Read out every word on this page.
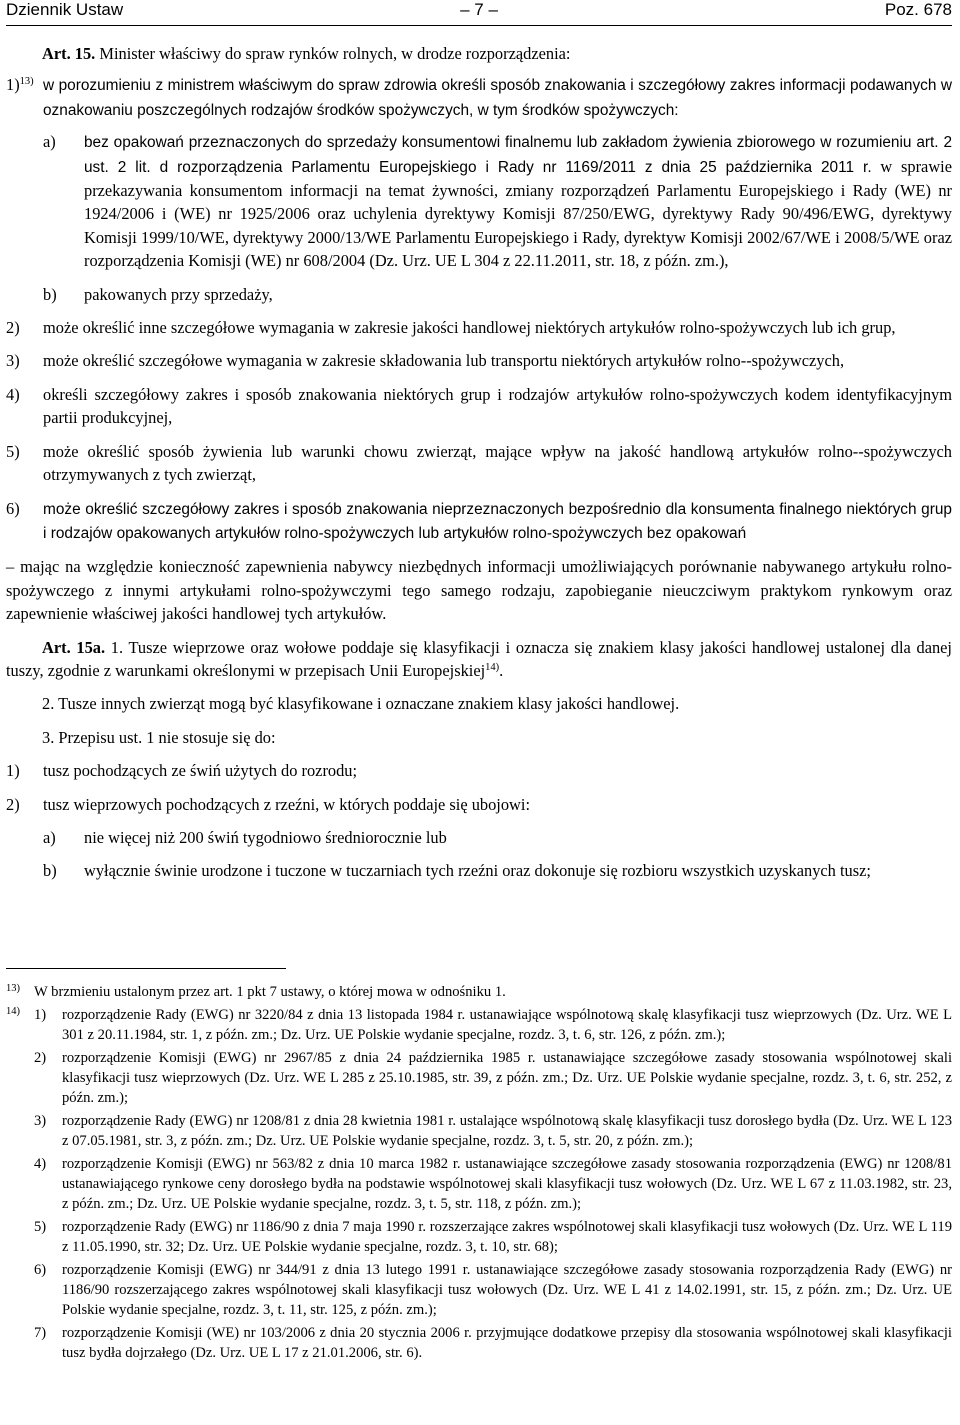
Dziennik Ustaw	– 7 –	Poz. 678

Art. 15. Minister właściwy do spraw rynków rolnych, w drodze rozporządzenia:

1)$^{13)}$ w porozumieniu z ministrem właściwym do spraw zdrowia określi sposób znakowania i szczegółowy zakres informacji podawanych w oznakowaniu poszczególnych rodzajów środków spożywczych, w tym środków spożywczych:

a) bez opakowań przeznaczonych do sprzedaży konsumentowi finalnemu lub zakładom żywienia zbiorowego w rozumieniu art. 2 ust. 2 lit. d rozporządzenia Parlamentu Europejskiego i Rady nr 1169/2011 z dnia 25 października 2011 r. w sprawie przekazywania konsumentom informacji na temat żywności, zmiany rozporządzeń Parlamentu Europejskiego i Rady (WE) nr 1924/2006 i (WE) nr 1925/2006 oraz uchylenia dyrektywy Komisji 87/250/EWG, dyrektywy Rady 90/496/EWG, dyrektywy Komisji 1999/10/WE, dyrektywy 2000/13/WE Parlamentu Europejskiego i Rady, dyrektyw Komisji 2002/67/WE i 2008/5/WE oraz rozporządzenia Komisji (WE) nr 608/2004 (Dz. Urz. UE L 304 z 22.11.2011, str. 18, z późn. zm.),

b) pakowanych przy sprzedaży,

2) może określić inne szczegółowe wymagania w zakresie jakości handlowej niektórych artykułów rolno-spożywczych lub ich grup,

3) może określić szczegółowe wymagania w zakresie składowania lub transportu niektórych artykułów rolno--spożywczych,

4) określi szczegółowy zakres i sposób znakowania niektórych grup i rodzajów artykułów rolno-spożywczych kodem identyfikacyjnym partii produkcyjnej,

5) może określić sposób żywienia lub warunki chowu zwierząt, mające wpływ na jakość handlową artykułów rolno--spożywczych otrzymywanych z tych zwierząt,

6) może określić szczegółowy zakres i sposób znakowania nieprzeznaczonych bezpośrednio dla konsumenta finalnego niektórych grup i rodzajów opakowanych artykułów rolno-spożywczych lub artykułów rolno-spożywczych bez opakowań

– mając na względzie konieczność zapewnienia nabywcy niezbędnych informacji umożliwiających porównanie nabywanego artykułu rolno-spożywczego z innymi artykułami rolno-spożywczymi tego samego rodzaju, zapobieganie nieuczciwym praktykom rynkowym oraz zapewnienie właściwej jakości handlowej tych artykułów.

Art. 15a. 1. Tusze wieprzowe oraz wołowe poddaje się klasyfikacji i oznacza się znakiem klasy jakości handlowej ustalonej dla danej tuszy, zgodnie z warunkami określonymi w przepisach Unii Europejskiej$^{14)}$.

2. Tusze innych zwierząt mogą być klasyfikowane i oznaczane znakiem klasy jakości handlowej.

3. Przepisu ust. 1 nie stosuje się do:

1) tusz pochodzących ze świń użytych do rozrodu;

2) tusz wieprzowych pochodzących z rzeźni, w których poddaje się ubojowi:

a) nie więcej niż 200 świń tygodniowo średniorocznie lub

b) wyłącznie świnie urodzone i tuczone w tuczarniach tych rzeźni oraz dokonuje się rozbioru wszystkich uzyskanych tusz;

13) W brzmieniu ustalonym przez art. 1 pkt 7 ustawy, o której mowa w odnośniku 1.

14) 1) rozporządzenie Rady (EWG) nr 3220/84 z dnia 13 listopada 1984 r. ustanawiające wspólnotową skalę klasyfikacji tusz wieprzowych (Dz. Urz. WE L 301 z 20.11.1984, str. 1, z późn. zm.; Dz. Urz. UE Polskie wydanie specjalne, rozdz. 3, t. 6, str. 126, z późn. zm.);

2) rozporządzenie Komisji (EWG) nr 2967/85 z dnia 24 października 1985 r. ustanawiające szczegółowe zasady stosowania wspólnotowej skali klasyfikacji tusz wieprzowych (Dz. Urz. WE L 285 z 25.10.1985, str. 39, z późn. zm.; Dz. Urz. UE Polskie wydanie specjalne, rozdz. 3, t. 6, str. 252, z późn. zm.);

3) rozporządzenie Rady (EWG) nr 1208/81 z dnia 28 kwietnia 1981 r. ustalające wspólnotową skalę klasyfikacji tusz dorosłego bydła (Dz. Urz. WE L 123 z 07.05.1981, str. 3, z późn. zm.; Dz. Urz. UE Polskie wydanie specjalne, rozdz. 3, t. 5, str. 20, z późn. zm.);

4) rozporządzenie Komisji (EWG) nr 563/82 z dnia 10 marca 1982 r. ustanawiające szczegółowe zasady stosowania rozporządzenia (EWG) nr 1208/81 ustanawiającego rynkowe ceny dorosłego bydła na podstawie wspólnotowej skali klasyfikacji tusz wołowych (Dz. Urz. WE L 67 z 11.03.1982, str. 23, z późn. zm.; Dz. Urz. UE Polskie wydanie specjalne, rozdz. 3, t. 5, str. 118, z późn. zm.);

5) rozporządzenie Rady (EWG) nr 1186/90 z dnia 7 maja 1990 r. rozszerzające zakres wspólnotowej skali klasyfikacji tusz wołowych (Dz. Urz. WE L 119 z 11.05.1990, str. 32; Dz. Urz. UE Polskie wydanie specjalne, rozdz. 3, t. 10, str. 68);

6) rozporządzenie Komisji (EWG) nr 344/91 z dnia 13 lutego 1991 r. ustanawiające szczegółowe zasady stosowania rozporządzenia Rady (EWG) nr 1186/90 rozszerzającego zakres wspólnotowej skali klasyfikacji tusz wołowych (Dz. Urz. WE L 41 z 14.02.1991, str. 15, z późn. zm.; Dz. Urz. UE Polskie wydanie specjalne, rozdz. 3, t. 11, str. 125, z późn. zm.);

7) rozporządzenie Komisji (WE) nr 103/2006 z dnia 20 stycznia 2006 r. przyjmujące dodatkowe przepisy dla stosowania wspólnotowej skali klasyfikacji tusz bydła dojrzałego (Dz. Urz. UE L 17 z 21.01.2006, str. 6).
